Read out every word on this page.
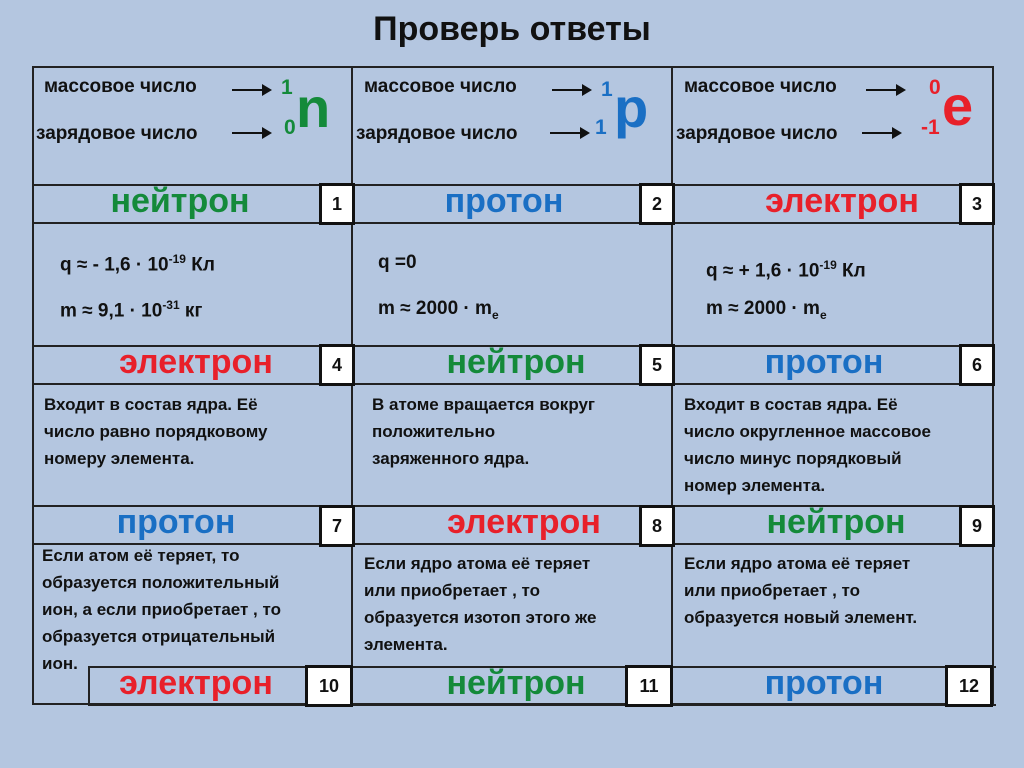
Проверь ответы
массовое число
зарядовое число
1
0 n массовое число
зарядовое число
1
1 p массовое число
зарядовое число
0
-1 e
нейтрон	1	протон	2	электрон	3
q ≈ - $1,6 \cdot 10^{-19}$ Кл
$m \approx 9,1 \cdot 10^{-31}$ кг
q =0
$m \approx 2000 \cdot m_e$
q ≈ + $1,6 \cdot 10^{-19}$ Кл
$m \approx 2000 \cdot m_e$
электрон	4	нейтрон	5	протон	6
Входит в состав ядра. Её
число равно порядковому
номеру элемента.
В атоме вращается вокруг
положительно
заряженного ядра.
Входит в состав ядра. Её
число округленное массовое
число минус порядковый
номер элемента.
протон	7	электрон	8	нейтрон	9
Если атом её теряет, то
образуется положительный
ион, а если приобретает , то
образуется отрицательный
ион.
Если ядро атома её теряет
или приобретает , то
образуется изотоп этого же
элемента.
Если ядро атома её теряет
или приобретает , то
образуется новый элемент.
электрон	10	нейтрон	11	протон	12
